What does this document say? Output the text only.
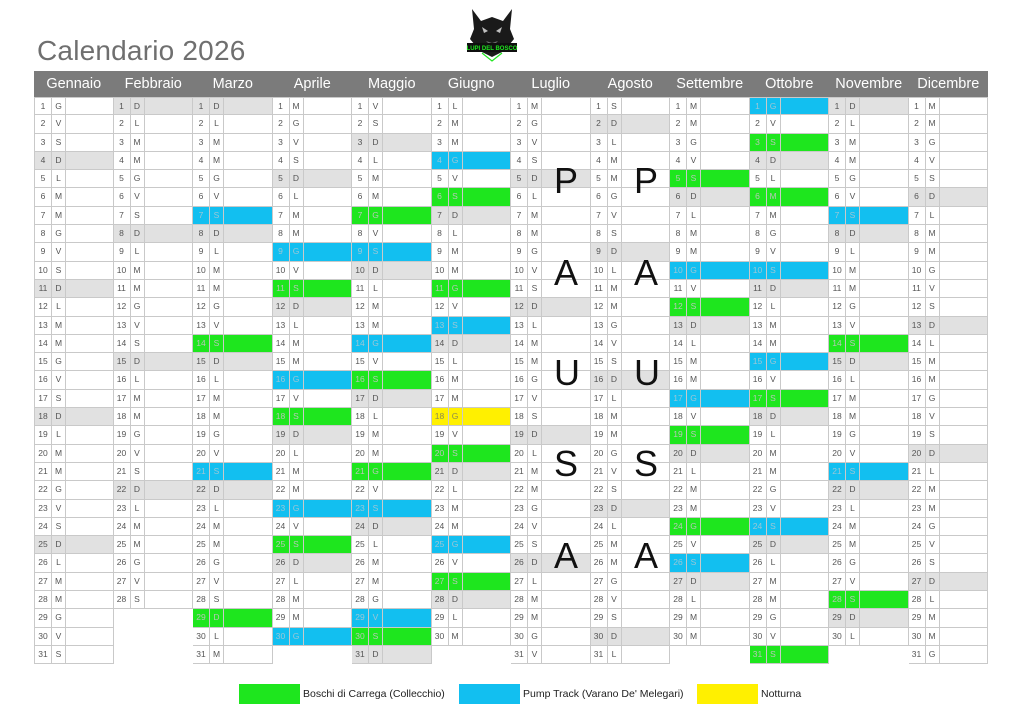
Calendario 2026	LUPI DEL BOSCO
Gennaio	Febbraio	Marzo	Aprile	Maggio	Giugno	Luglio	Agosto	Settembre	Ottobre	Novembre	Dicembre
1	G
2	V
3	S
4	D
5	L
6	M
7	M
8	G
9	V
10 S
11 D
12 L
13 M
14 M
15 G
16 V
17 S
18 D
19 L
20 M
21 M
22 G
23 V
24 S
25 D
26 L
27 M
28 M
29 G
30 V
31 S
1	D
2	L
3	M
4	M
5	G
6	V
7	S
8	D
9	L
10 M
11 M
12 G
13 V
14 S
15 D
16 L
17 M
18 M
19 G
20 V
21 S
22 D
23 L
24 M
25 M
26 G
27 V
28 S
1	D
2	L
3	M
4	M
5	G
6	V
7	S
8	D
9	L
10 M
11 M
12 G
13 V
14 S
15 D
16 L
17 M
18 M
19 G
20 V
21 S
22 D
23 L
24 M
25 M
26 G
27 V
28 S
29 D
30 L
31 M
1	M
2	G
3	V
4	S
5	D
6	L
7	M
8	M
9	G
10 V
11 S
12 D
13 L
14 M
15 M
16 G
17 V
18 S
19 D
20 L
21 M
22 M
23 G
24 V
25 S
26 D
27 L
28 M
29 M
30 G
1	V
2	S
3	D
4	L
5	M
6	M
7	G
8	V
9	S
10 D
11	L
12 M
13 M
14 G
15 V
16 S
17 D
18 L
19 M
20 M
21 G
22 V
23 S
24 D
25 L
26 M
27 M
28 G
29 V
30 S
31 D
1	L
2	M
3	M
4	G
5	V
6	S
7	D
8	L
9	M
10 M
11 G
12 V
13 S
14 D
15 L
16 M
17 M
18 G
19 V
20 S
21 D
22 L
23 M
24 M
25 G
26 V
27 S
28 D
29 L
30 M
1	M
2	G
3	V
4	S
5	D
6	L
7	M
8	M
9	G
10 V
11 S
12 D
13 L
14 M
15 M
16 G
17 V
18 S
19 D
20 L
21 M
22 M
23 G
24 V
25 S
26 D
27 L
28 M
29 M
30 G
31 V
1	S
2	D
3	L
4	M
5	M
6	G
7	V
8	S
9	D
10 L
11 M
12 M
13 G
14 V
15 S
16 D
17 L
18 M
19 M
20 G
21 V
22 S
23 D
24 L
25 M
26 M
27 G
28 V
29 S
30 D
31 L
1	M
2	M
3	G
4	V
5	S
6	D
7	L
8	M
9	M
10 G
11 V
12 S
13 D
14 L
15 M
16 M
17 G
18 V
19 S
20 D
21 L
22 M
23 M
24 G
25 V
26 S
27 D
28 L
29 M
30 M
1	G
2	V
3	S
4	D
5	L
6	M
7	M
8	G
9	V
10 S
11 D
12 L
13 M
14 M
15 G
16 V
17 S
18 D
19 L
20 M
21 M
22 G
23 V
24 S
25 D
26 L
27 M
28 M
29 G
30 V
31 S
1	D
2	L
3	M
4	M
5	G
6	V
7	S
8	D
9	L
10 M
11 M
12 G
13 V
14 S
15 D
16 L
17 M
18 M
19 G
20 V
21 S
22 D
23 L
24 M
25 M
26 G
27 V
28 S
29 D
30 L
1	M
2	M
3	G
4	V
5	S
6	D
7	L
8	M
9	M
10 G
11 V
12 S
13 D
14 L
15 M
16 M
17 G
18 V
19 S
20 D
21 L
22 M
23 M
24 G
25 V
26 S
27 D
28 L
29 M
30 M
31 G
P P
A A
U U
S S
A A
Boschi di Carrega (Collecchio)	Pump Track (Varano De' Melegari)	Notturna
